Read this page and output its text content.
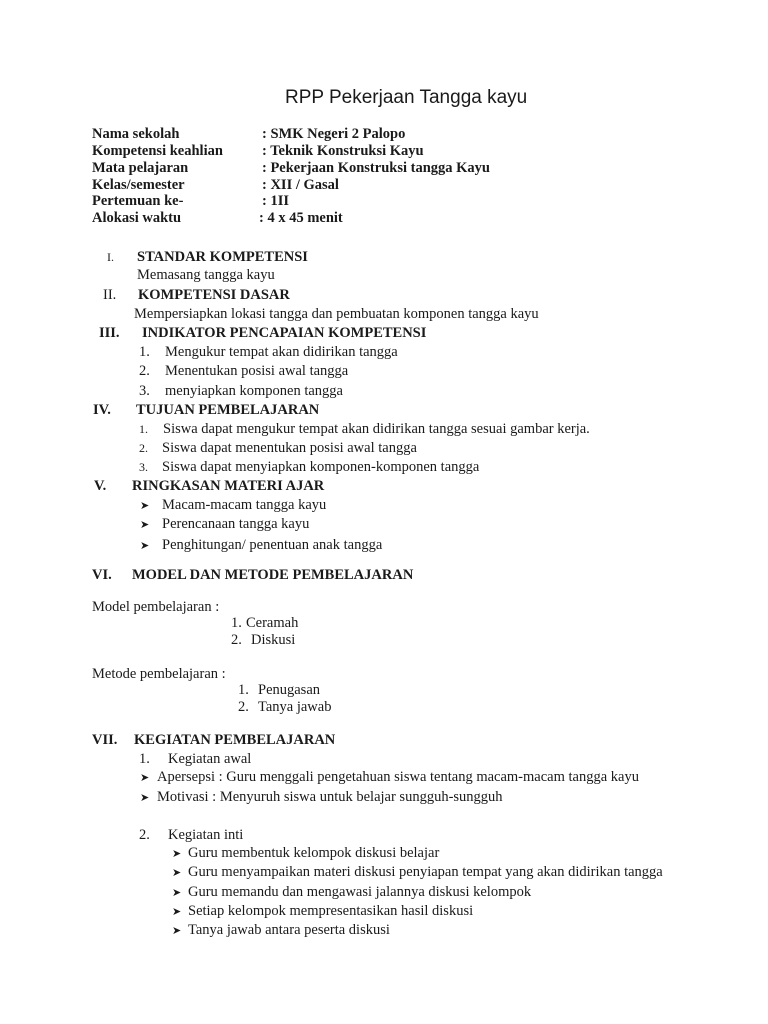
RPP Pekerjaan Tangga kayu
Nama sekolah	: SMK Negeri 2 Palopo
Kompetensi keahlian	: Teknik Konstruksi Kayu
Mata pelajaran	: Pekerjaan Konstruksi tangga Kayu
Kelas/semester	: XII / Gasal
Pertemuan ke-	: 1II
Alokasi waktu	: 4 x 45 menit
I. STANDAR KOMPETENSI
Memasang tangga kayu
II. KOMPETENSI DASAR
Mempersiapkan lokasi tangga dan pembuatan komponen tangga kayu
III. INDIKATOR PENCAPAIAN KOMPETENSI
1. Mengukur tempat akan didirikan tangga
2. Menentukan posisi awal tangga
3. menyiapkan komponen tangga
IV. TUJUAN PEMBELAJARAN
1. Siswa dapat mengukur tempat akan didirikan tangga sesuai gambar kerja.
2. Siswa dapat menentukan posisi awal tangga
3. Siswa dapat menyiapkan komponen-komponen tangga
V. RINGKASAN MATERI AJAR
➤ Macam-macam tangga kayu
➤ Perencanaan tangga kayu
➤ Penghitungan/ penentuan anak tangga
VI. MODEL DAN METODE PEMBELAJARAN
Model pembelajaran :
1. Ceramah
2. Diskusi
Metode pembelajaran :
1. Penugasan
2. Tanya jawab
VII. KEGIATAN PEMBELAJARAN
1. Kegiatan awal
➤ Apersepsi : Guru menggali pengetahuan siswa tentang macam-macam tangga kayu
➤ Motivasi : Menyuruh siswa untuk belajar sungguh-sungguh
2. Kegiatan inti
➤ Guru membentuk kelompok diskusi belajar
➤ Guru menyampaikan materi diskusi penyiapan tempat yang akan didirikan tangga
➤ Guru memandu dan mengawasi jalannya diskusi kelompok
➤ Setiap kelompok mempresentasikan hasil diskusi
➤ Tanya jawab antara peserta diskusi
